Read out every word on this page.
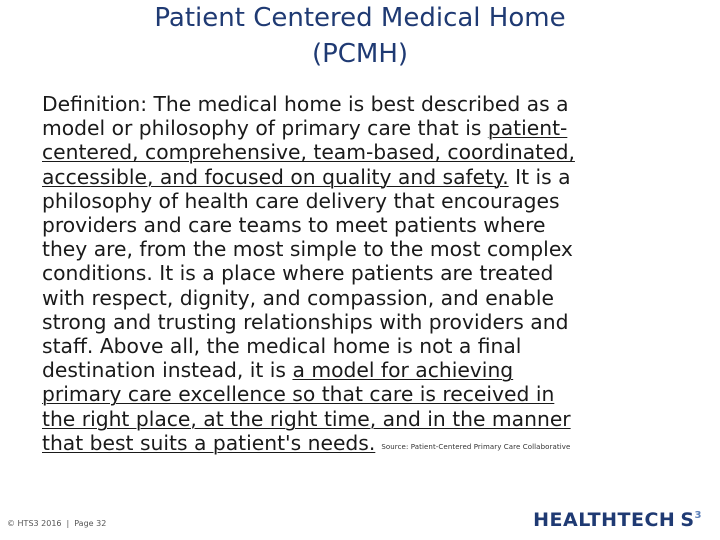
Patient Centered Medical Home
(PCMH)
Definition: The medical home is best described as a
model or philosophy of primary care that is patient-
centered, comprehensive, team-based, coordinated,
accessible, and focused on quality and safety. It is a
philosophy of health care delivery that encourages
providers and care teams to meet patients where
they are, from the most simple to the most complex
conditions. It is a place where patients are treated
with respect, dignity, and compassion, and enable
strong and trusting relationships with providers and
staff. Above all, the medical home is not a final
destination instead, it is a model for achieving
primary care excellence so that care is received in
the right place, at the right time, and in the manner
that best suits a patient's needs. Source: Patient-Centered Primary Care Collaborative
© HTS3 2016 | Page 32	HEALTHTECH $S^3$
